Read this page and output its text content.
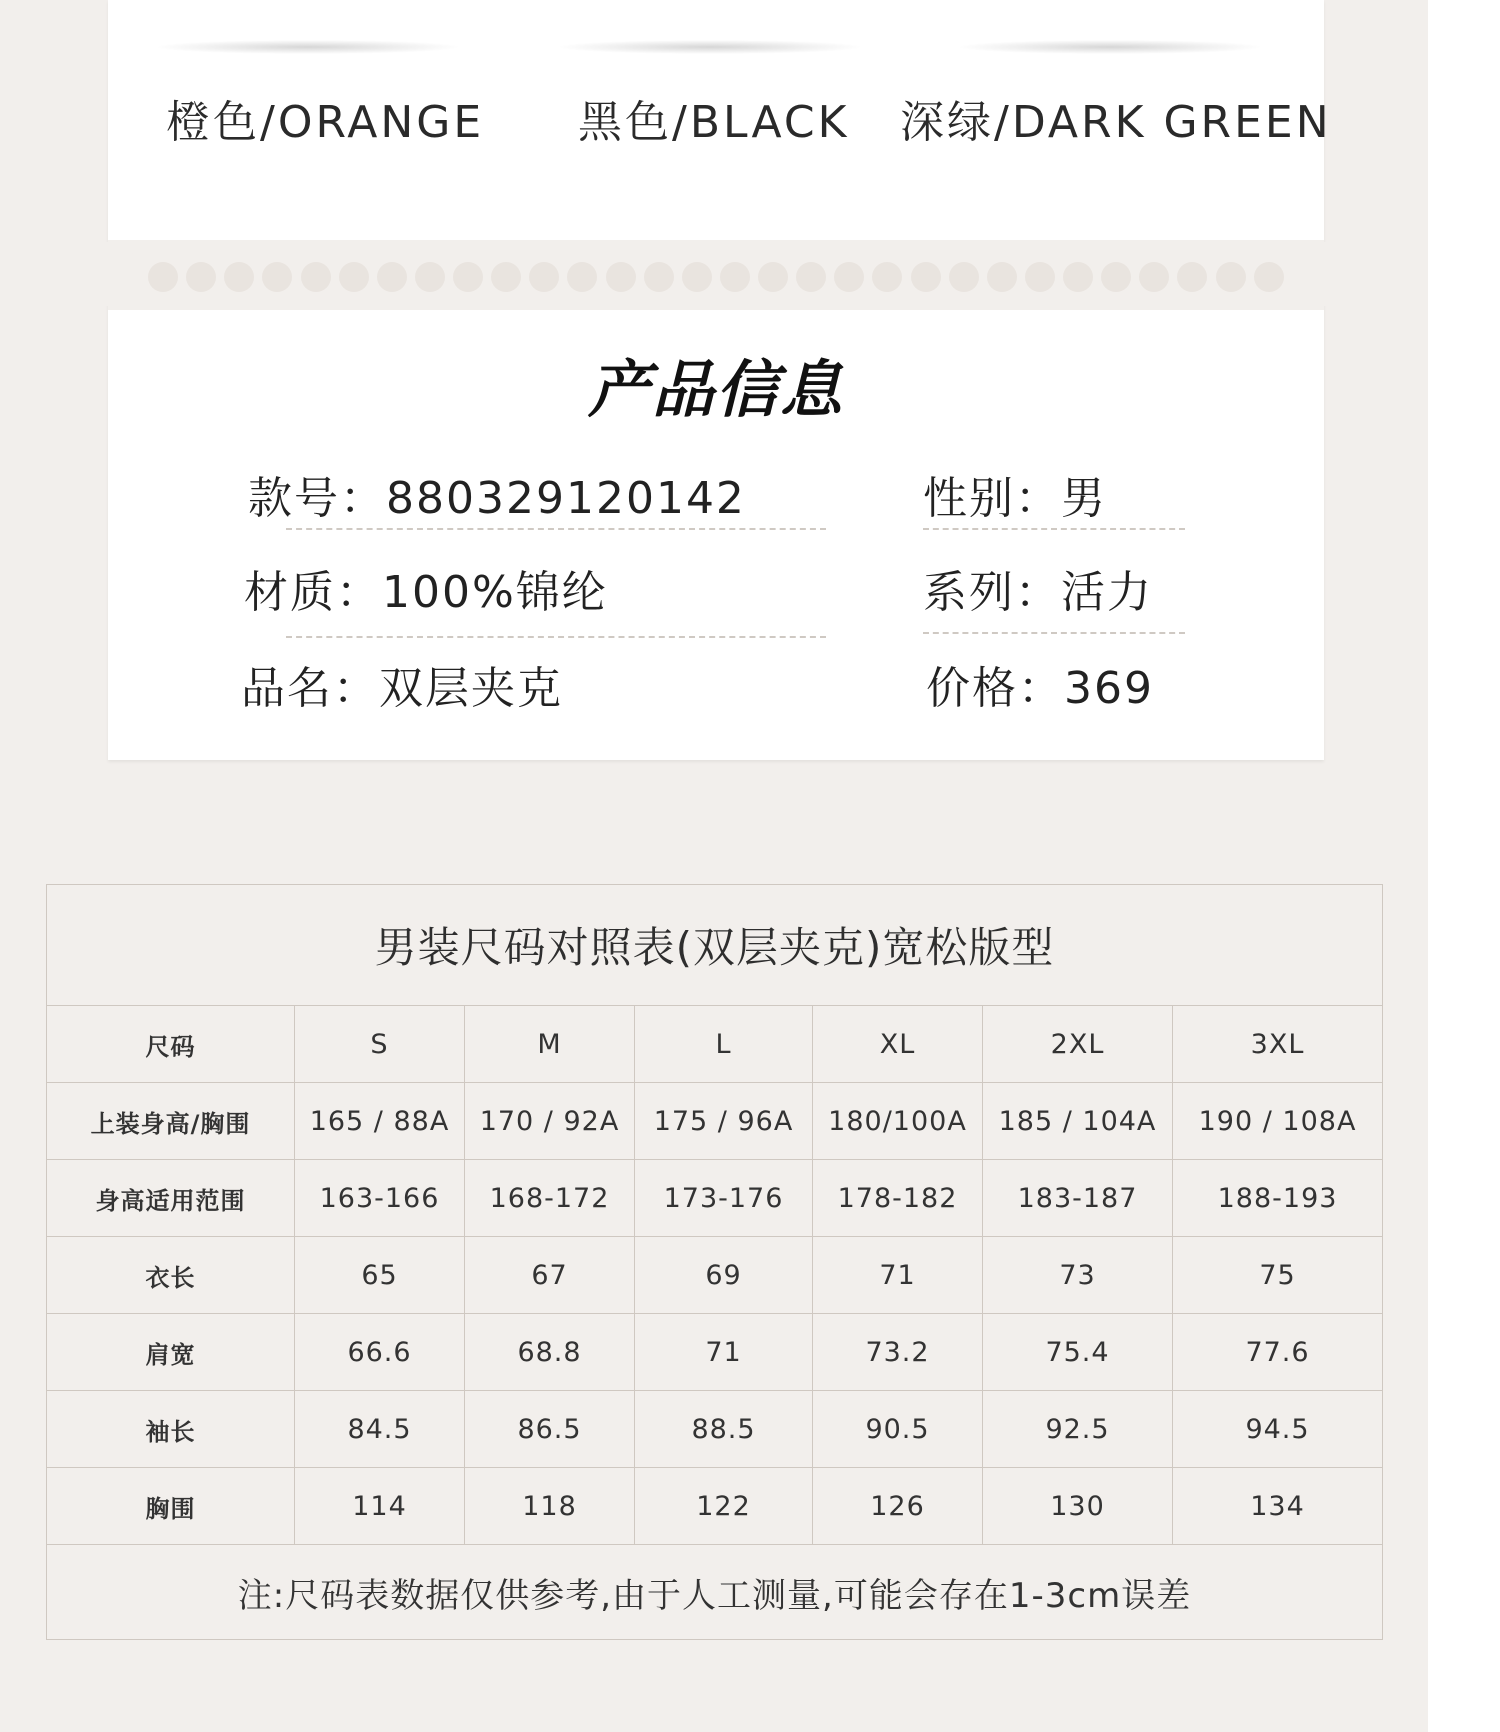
橙色/ORANGE 黑色/BLACK 深绿/DARK GREEN
产品信息
款号：880329120142	性别：男
材质：100%锦纶	系列：活力
品名：双层夹克	价格：369
男装尺码对照表(双层夹克)宽松版型						
尺码	S	M	L	XL	2XL	3XL
上装身高/胸围	165 / 88A	170 / 92A	175 / 96A	180/100A	185 / 104A	190 / 108A
身高适用范围	163-166	168-172	173-176	178-182	183-187	188-193
衣长	65	67	69	71	73	75
肩宽	66.6	68.8	71	73.2	75.4	77.6
袖长	84.5	86.5	88.5	90.5	92.5	94.5
胸围	114	118	122	126	130	134
注:尺码表数据仅供参考,由于人工测量,可能会存在1-3cm误差						
